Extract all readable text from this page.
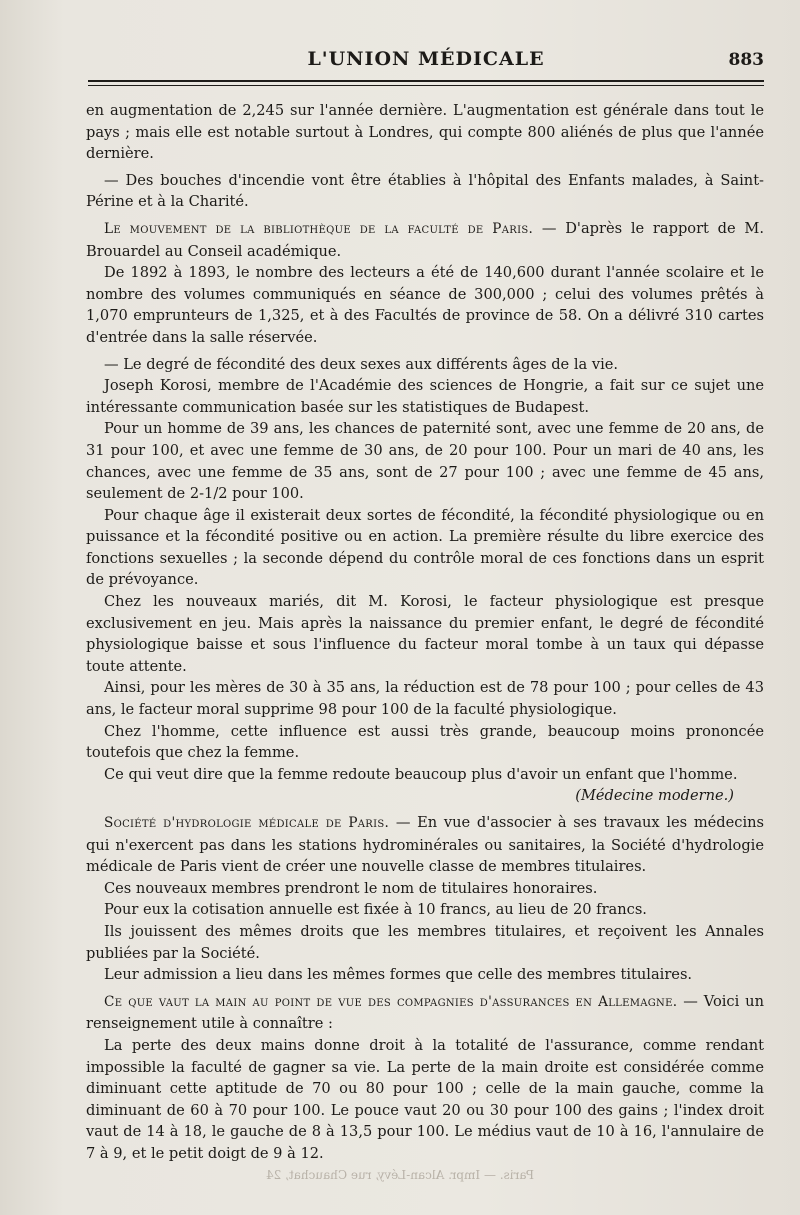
L'UNION MÉDICALE	883

en augmentation de 2,245 sur l'année dernière. L'augmentation est générale dans tout le pays ; mais elle est notable surtout à Londres, qui compte 800 aliénés de plus que l'année dernière.

— Des bouches d'incendie vont être établies à l'hôpital des Enfants malades, à Saint-Périne et à la Charité.

Le mouvement de la bibliothèque de la faculté de Paris. — D'après le rapport de M. Brouardel au Conseil académique.

De 1892 à 1893, le nombre des lecteurs a été de 140,600 durant l'année scolaire et le nombre des volumes communiqués en séance de 300,000 ; celui des volumes prêtés à 1,070 emprunteurs de 1,325, et à des Facultés de province de 58. On a délivré 310 cartes d'entrée dans la salle réservée.

— Le degré de fécondité des deux sexes aux différents âges de la vie.

Joseph Korosi, membre de l'Académie des sciences de Hongrie, a fait sur ce sujet une intéressante communication basée sur les statistiques de Budapest.

Pour un homme de 39 ans, les chances de paternité sont, avec une femme de 20 ans, de 31 pour 100, et avec une femme de 30 ans, de 20 pour 100. Pour un mari de 40 ans, les chances, avec une femme de 35 ans, sont de 27 pour 100 ; avec une femme de 45 ans, seulement de 2-1/2 pour 100.

Pour chaque âge il existerait deux sortes de fécondité, la fécondité physiologique ou en puissance et la fécondité positive ou en action. La première résulte du libre exercice des fonctions sexuelles ; la seconde dépend du contrôle moral de ces fonctions dans un esprit de prévoyance.

Chez les nouveaux mariés, dit M. Korosi, le facteur physiologique est presque exclusivement en jeu. Mais après la naissance du premier enfant, le degré de fécondité physiologique baisse et sous l'influence du facteur moral tombe à un taux qui dépasse toute attente.

Ainsi, pour les mères de 30 à 35 ans, la réduction est de 78 pour 100 ; pour celles de 43 ans, le facteur moral supprime 98 pour 100 de la faculté physiologique.

Chez l'homme, cette influence est aussi très grande, beaucoup moins prononcée toutefois que chez la femme.

Ce qui veut dire que la femme redoute beaucoup plus d'avoir un enfant que l'homme.

(Médecine moderne.)

Société d'hydrologie médicale de Paris. — En vue d'associer à ses travaux les médecins qui n'exercent pas dans les stations hydrominérales ou sanitaires, la Société d'hydrologie médicale de Paris vient de créer une nouvelle classe de membres titulaires.

Ces nouveaux membres prendront le nom de titulaires honoraires.

Pour eux la cotisation annuelle est fixée à 10 francs, au lieu de 20 francs.

Ils jouissent des mêmes droits que les membres titulaires, et reçoivent les Annales publiées par la Société.

Leur admission a lieu dans les mêmes formes que celle des membres titulaires.

Ce que vaut la main au point de vue des compagnies d'assurances en Allemagne. — Voici un renseignement utile à connaître :

La perte des deux mains donne droit à la totalité de l'assurance, comme rendant impossible la faculté de gagner sa vie. La perte de la main droite est considérée comme diminuant cette aptitude de 70 ou 80 pour 100 ; celle de la main gauche, comme la diminuant de 60 à 70 pour 100. Le pouce vaut 20 ou 30 pour 100 des gains ; l'index droit vaut de 14 à 18, le gauche de 8 à 13,5 pour 100. Le médius vaut de 10 à 16, l'annulaire de 7 à 9, et le petit doigt de 9 à 12.

Paris. — Impr. Alcan-Lévy, rue Chauchat, 24
